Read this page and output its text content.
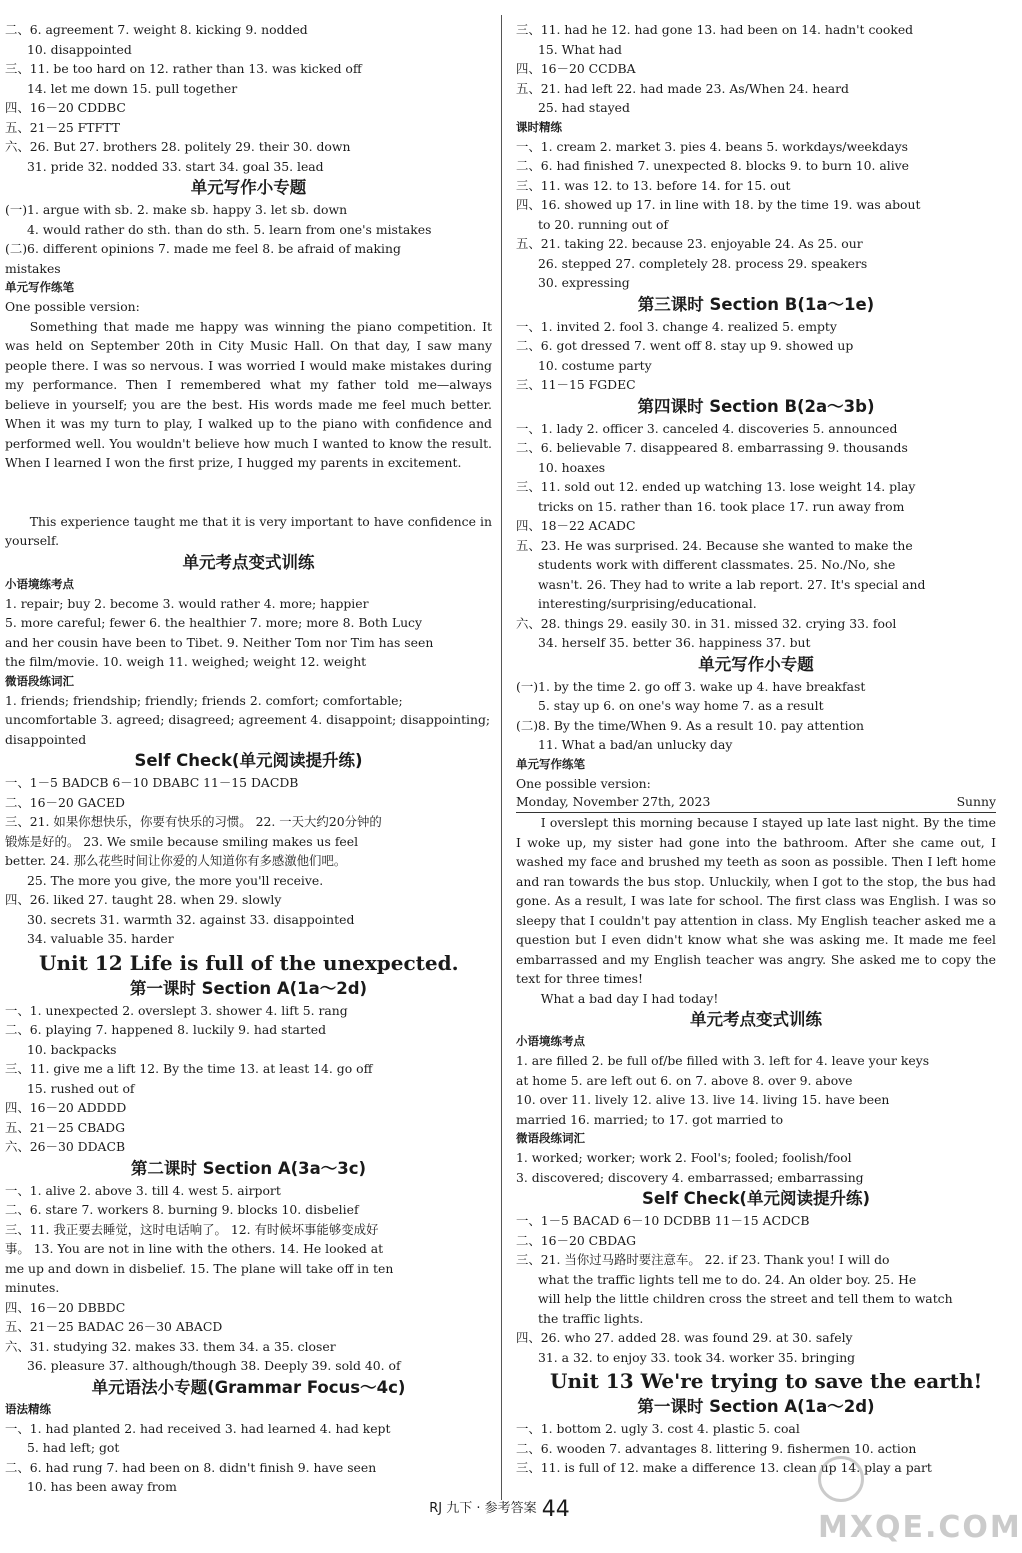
二、6. agreement 7. weight 8. kicking 9. nodded
10. disappointed
三、11. be too hard on 12. rather than 13. was kicked off
14. let me down 15. pull together
四、16－20 CDDBC
五、21－25 FTFTT
六、26. But 27. brothers 28. politely 29. their 30. down
31. pride 32. nodded 33. start 34. goal 35. lead
单元写作小专题
(一)1. argue with sb. 2. make sb. happy 3. let sb. down
4. would rather do sth. than do sth. 5. learn from one's mistakes
(二)6. different opinions 7. made me feel 8. be afraid of making
mistakes
单元写作练笔
One possible version:

Something that made me happy was winning the piano competition. It was held on September 20th in City Music Hall. On that day, I saw many people there. I was so nervous. I was worried I would make mistakes during my performance. Then I remembered what my father told me—always believe in yourself; you are the best. His words made me feel much better. When it was my turn to play, I walked up to the piano with confidence and performed well. You wouldn't believe how much I wanted to know the result. When I learned I won the first prize, I hugged my parents in excitement.

This experience taught me that it is very important to have confidence in yourself.

单元考点变式训练
小语境练考点
1. repair; buy 2. become 3. would rather 4. more; happier
5. more careful; fewer 6. the healthier 7. more; more 8. Both Lucy
and her cousin have been to Tibet. 9. Neither Tom nor Tim has seen
the film/movie. 10. weigh 11. weighed; weight 12. weight
微语段练词汇
1. friends; friendship; friendly; friends 2. comfort; comfortable;
uncomfortable 3. agreed; disagreed; agreement 4. disappoint; disappointing;
disappointed
Self Check(单元阅读提升练)
一、1－5 BADCB 6－10 DBABC 11－15 DACDB
二、16－20 GACED
三、21. 如果你想快乐，你要有快乐的习惯。 22. 一天大约20分钟的
锻炼是好的。 23. We smile because smiling makes us feel
better. 24. 那么花些时间让你爱的人知道你有多感激他们吧。
25. The more you give, the more you'll receive.
四、26. liked 27. taught 28. when 29. slowly
30. secrets 31. warmth 32. against 33. disappointed
34. valuable 35. harder
Unit 12 Life is full of the unexpected.
第一课时 Section A(1a～2d)
一、1. unexpected 2. overslept 3. shower 4. lift 5. rang
二、6. playing 7. happened 8. luckily 9. had started
10. backpacks
三、11. give me a lift 12. By the time 13. at least 14. go off
15. rushed out of
四、16－20 ADDDD
五、21－25 CBADG
六、26－30 DDACB
第二课时 Section A(3a～3c)
一、1. alive 2. above 3. till 4. west 5. airport
二、6. stare 7. workers 8. burning 9. blocks 10. disbelief
三、11. 我正要去睡觉，这时电话响了。 12. 有时候坏事能够变成好
事。 13. You are not in line with the others. 14. He looked at
me up and down in disbelief. 15. The plane will take off in ten
minutes.
四、16－20 DBBDC
五、21－25 BADAC 26－30 ABACD
六、31. studying 32. makes 33. them 34. a 35. closer
36. pleasure 37. although/though 38. Deeply 39. sold 40. of
单元语法小专题(Grammar Focus～4c)
语法精练
一、1. had planted 2. had received 3. had learned 4. had kept
5. had left; got
二、6. had rung 7. had been on 8. didn't finish 9. have seen
10. has been away from
三、11. had he 12. had gone 13. had been on 14. hadn't cooked
15. What had
四、16－20 CCDBA
五、21. had left 22. had made 23. As/When 24. heard
25. had stayed
课时精练
一、1. cream 2. market 3. pies 4. beans 5. workdays/weekdays
二、6. had finished 7. unexpected 8. blocks 9. to burn 10. alive
三、11. was 12. to 13. before 14. for 15. out
四、16. showed up 17. in line with 18. by the time 19. was about
to 20. running out of
五、21. taking 22. because 23. enjoyable 24. As 25. our
26. stepped 27. completely 28. process 29. speakers
30. expressing
第三课时 Section B(1a～1e)
一、1. invited 2. fool 3. change 4. realized 5. empty
二、6. got dressed 7. went off 8. stay up 9. showed up
10. costume party
三、11－15 FGDEC
第四课时 Section B(2a～3b)
一、1. lady 2. officer 3. canceled 4. discoveries 5. announced
二、6. believable 7. disappeared 8. embarrassing 9. thousands
10. hoaxes
三、11. sold out 12. ended up watching 13. lose weight 14. play
tricks on 15. rather than 16. took place 17. run away from
四、18－22 ACADC
五、23. He was surprised. 24. Because she wanted to make the
students work with different classmates. 25. No./No, she
wasn't. 26. They had to write a lab report. 27. It's special and
interesting/surprising/educational.
六、28. things 29. easily 30. in 31. missed 32. crying 33. fool
34. herself 35. better 36. happiness 37. but
单元写作小专题
(一)1. by the time 2. go off 3. wake up 4. have breakfast
5. stay up 6. on one's way home 7. as a result
(二)8. By the time/When 9. As a result 10. pay attention
11. What a bad/an unlucky day
单元写作练笔
One possible version:
Monday, November 27th, 2023	Sunny

I overslept this morning because I stayed up late last night. By the time I woke up, my sister had gone into the bathroom. After she came out, I washed my face and brushed my teeth as soon as possible. Then I left home and ran towards the bus stop. Unluckily, when I got to the stop, the bus had gone. As a result, I was late for school. The first class was English. I was so sleepy that I couldn't pay attention in class. My English teacher asked me a question but I even didn't know what she was asking me. It made me feel embarrassed and my English teacher was angry. She asked me to copy the text for three times!

What a bad day I had today!

单元考点变式训练
小语境练考点
1. are filled 2. be full of/be filled with 3. left for 4. leave your keys
at home 5. are left out 6. on 7. above 8. over 9. above
10. over 11. lively 12. alive 13. live 14. living 15. have been
married 16. married; to 17. got married to
微语段练词汇
1. worked; worker; work 2. Fool's; fooled; foolish/fool
3. discovered; discovery 4. embarrassed; embarrassing
Self Check(单元阅读提升练)
一、1－5 BACAD 6－10 DCDBB 11－15 ACDCB
二、16－20 CBDAG
三、21. 当你过马路时要注意车。 22. if 23. Thank you! I will do
what the traffic lights tell me to do. 24. An older boy. 25. He
will help the little children cross the street and tell them to watch
the traffic lights.
四、26. who 27. added 28. was found 29. at 30. safely
31. a 32. to enjoy 33. took 34. worker 35. bringing
Unit 13 We're trying to save the earth!
第一课时 Section A(1a～2d)
一、1. bottom 2. ugly 3. cost 4. plastic 5. coal
二、6. wooden 7. advantages 8. littering 9. fishermen 10. action
三、11. is full of 12. make a difference 13. clean up 14. play a part
$^{RJ 九下 \cdot 参考答案}$ 44
MXQE.COM
